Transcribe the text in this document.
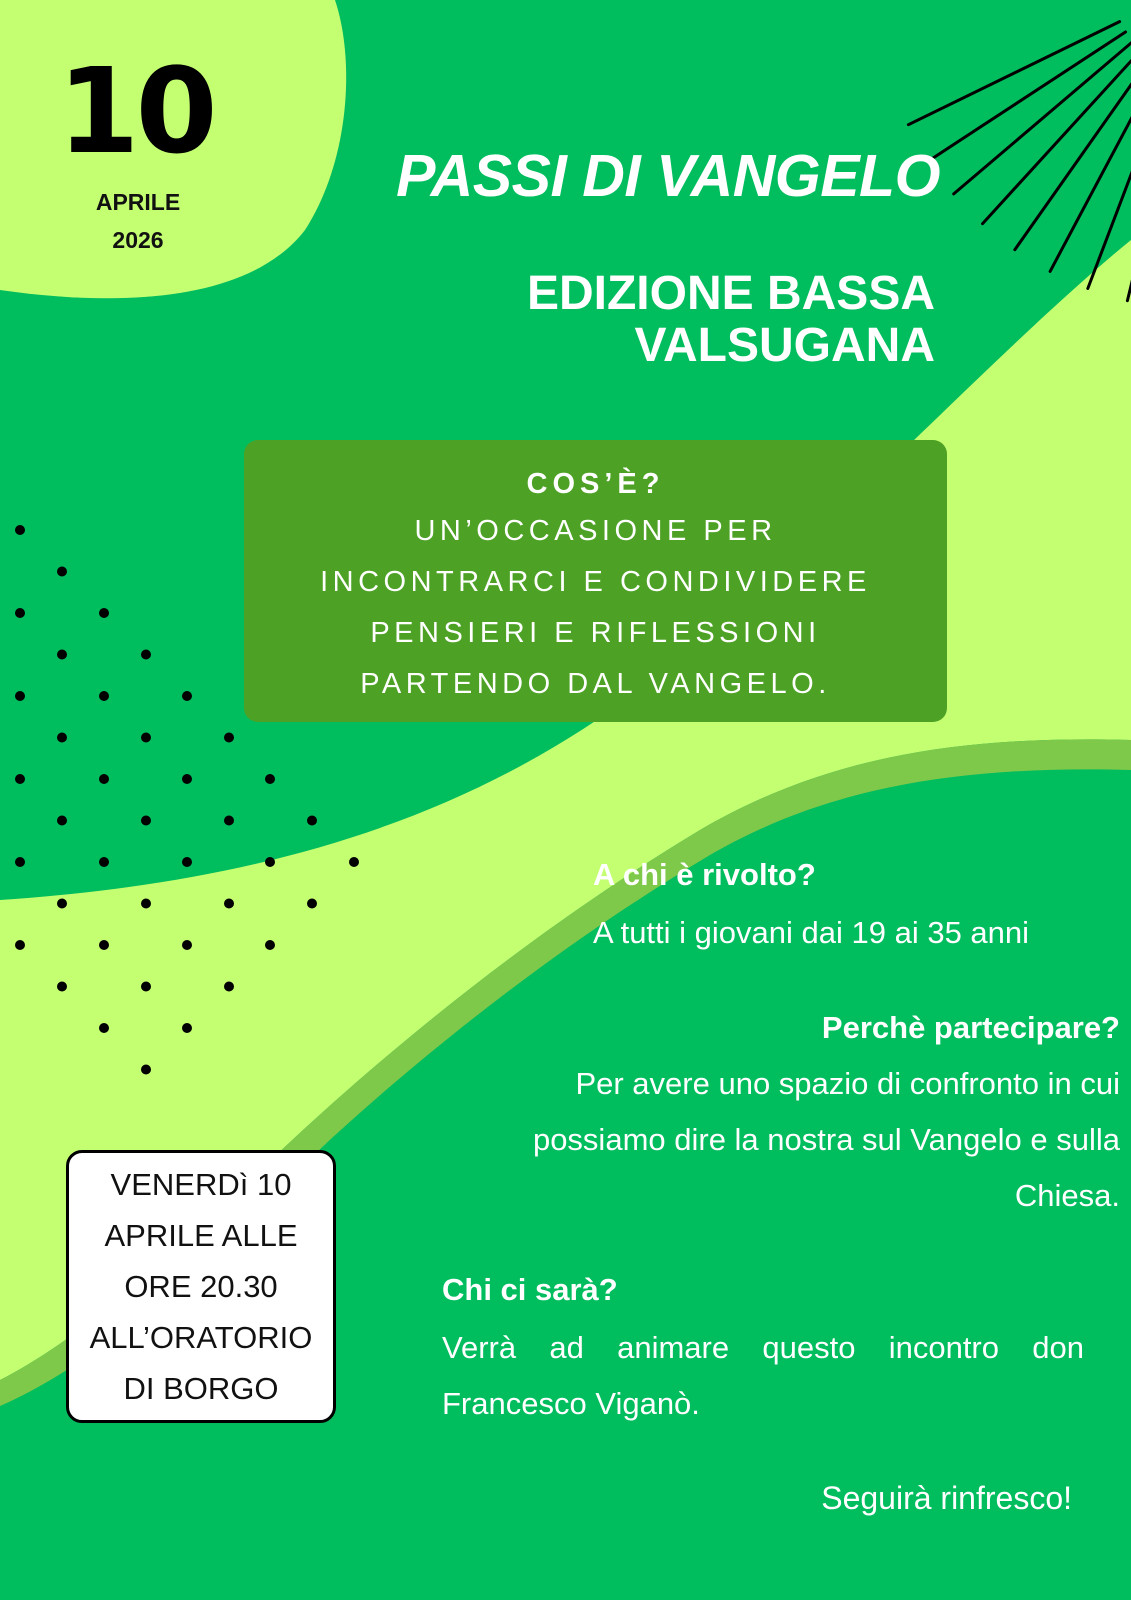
10
APRILE
2026
PASSI DI VANGELO
EDIZIONE BASSA
VALSUGANA
COS’È?
UN’OCCASIONE PER
INCONTRARCI E CONDIVIDERE
PENSIERI E RIFLESSIONI
PARTENDO DAL VANGELO.
A chi è rivolto?
A tutti i giovani dai 19 ai 35 anni
Perchè partecipare?
Per avere uno spazio di confronto in cui possiamo dire la nostra sul Vangelo e sulla Chiesa.
Chi ci sarà?
Verrà ad animare questo incontro don Francesco Viganò.
Seguirà rinfresco!
VENERDì 10
APRILE ALLE
ORE 20.30
ALL’ORATORIO
DI BORGO
